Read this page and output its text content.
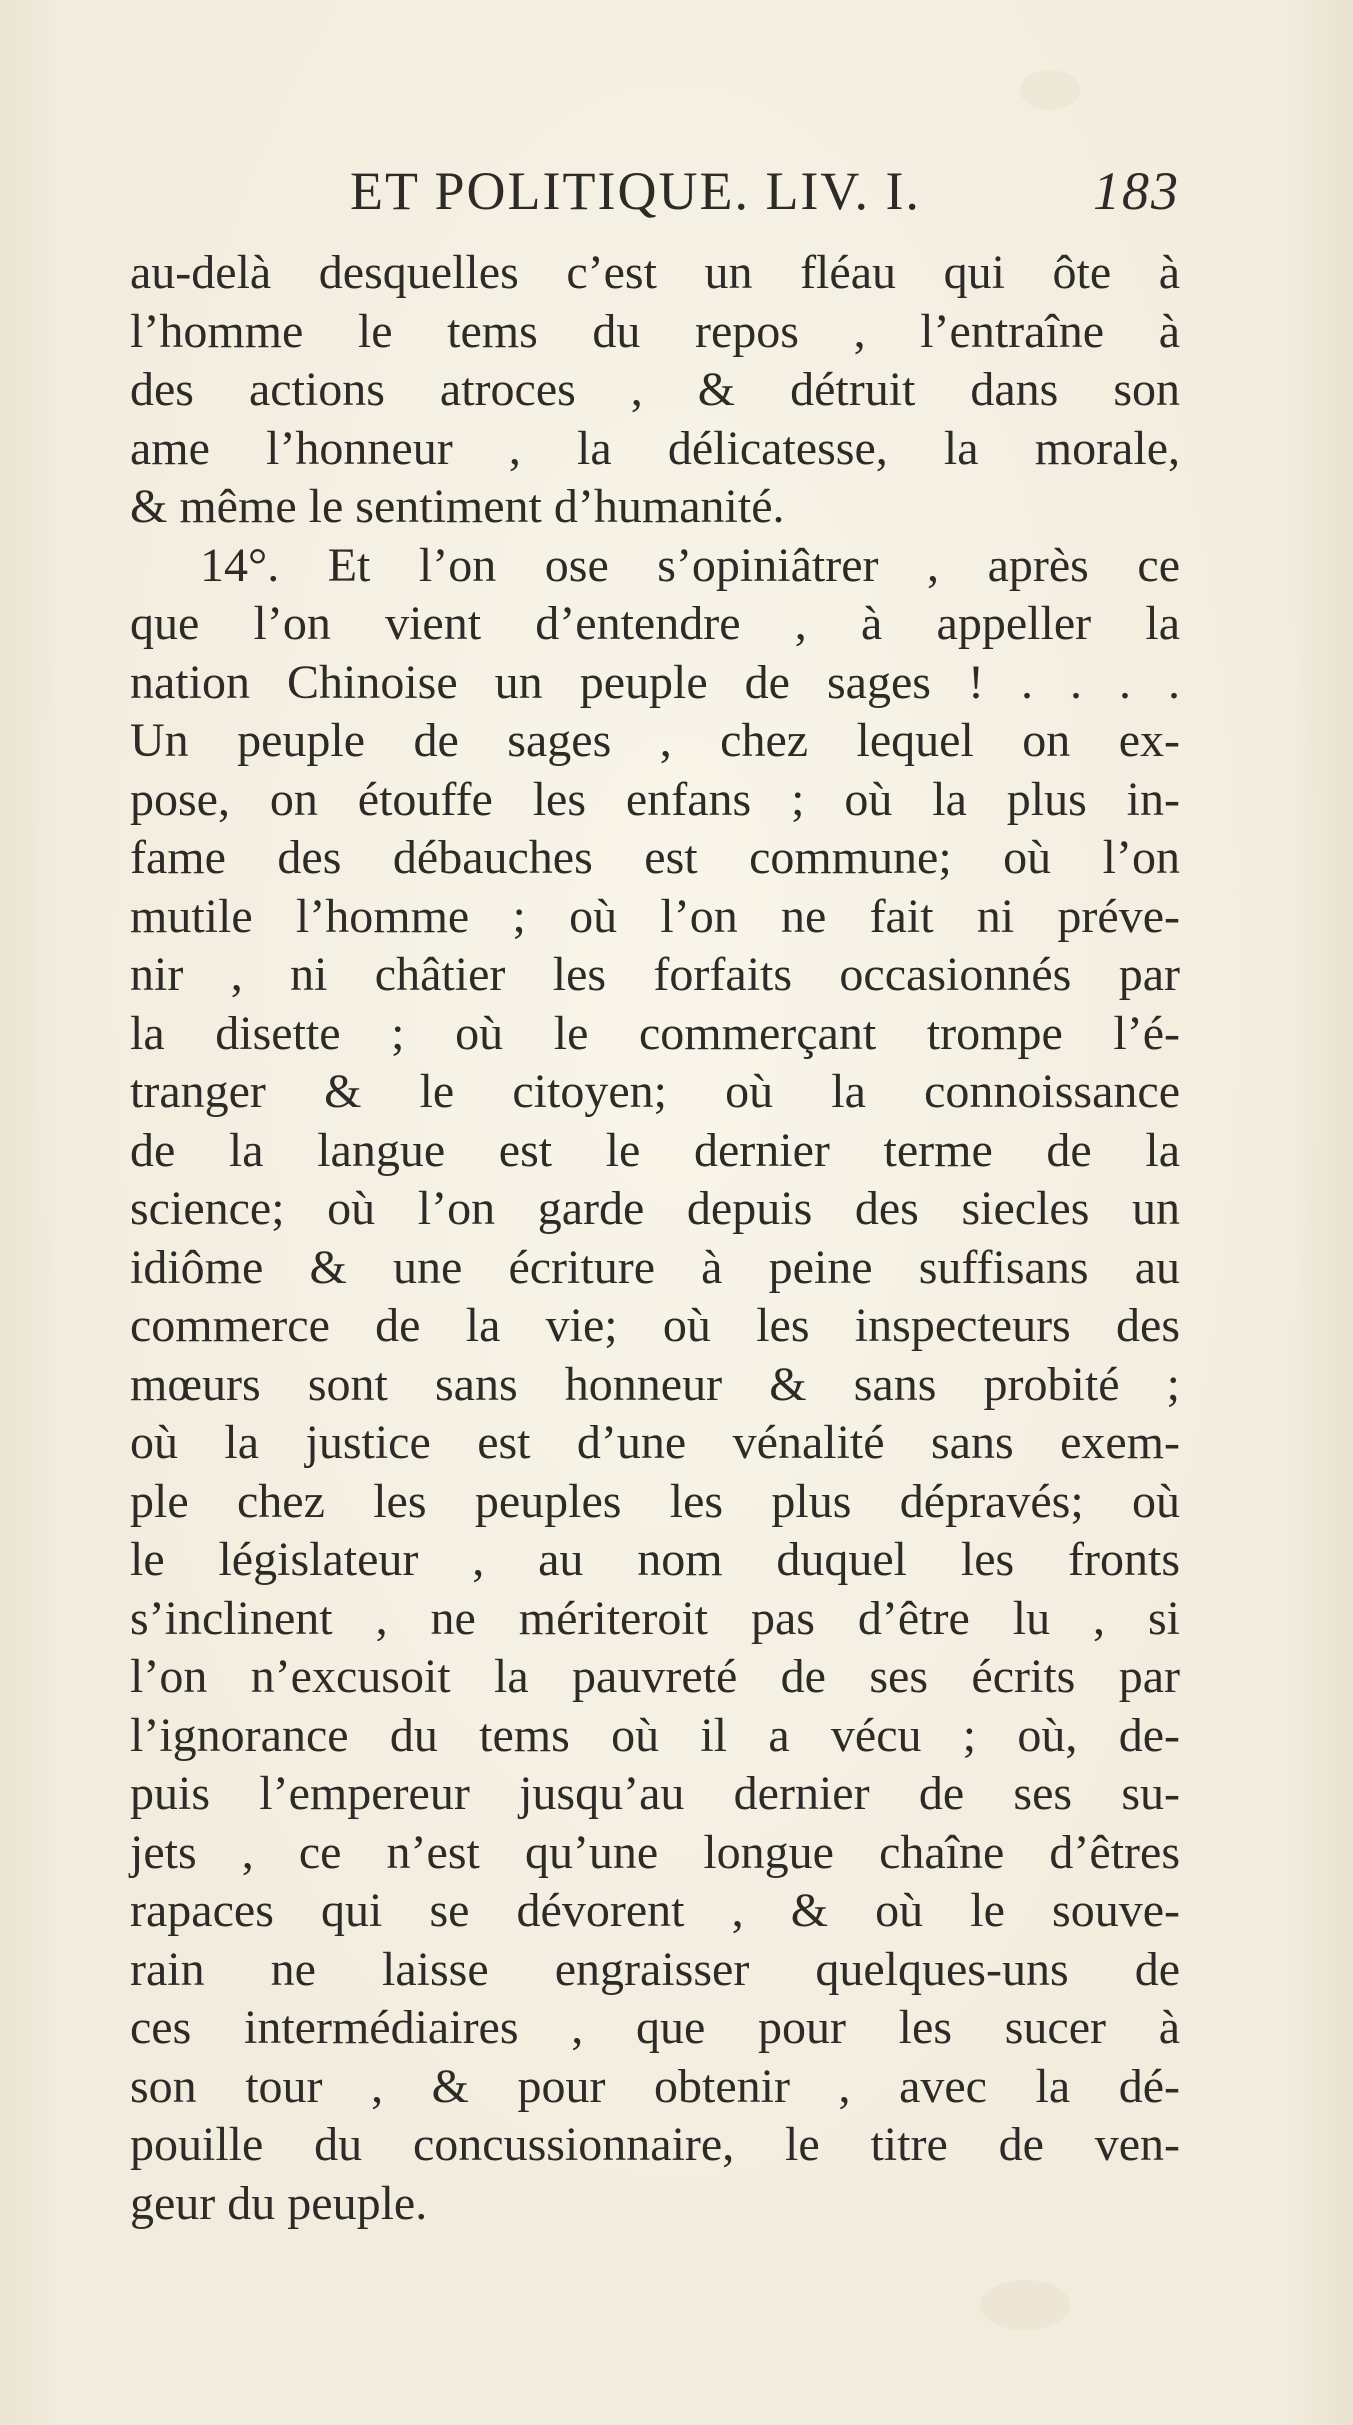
ET POLITIQUE. LIV. I.	183
au-delà desquelles c’est un fléau qui ôte à
l’homme le tems du repos , l’entraîne à
des actions atroces , & détruit dans son
ame l’honneur , la délicatesse, la morale,
& même le sentiment d’humanité.
14°. Et l’on ose s’opiniâtrer , après ce
que l’on vient d’entendre , à appeller la
nation Chinoise un peuple de sages ! . . . .
Un peuple de sages , chez lequel on ex-
pose, on étouffe les enfans ; où la plus in-
fame des débauches est commune; où l’on
mutile l’homme ; où l’on ne fait ni préve-
nir , ni châtier les forfaits occasionnés par
la disette ; où le commerçant trompe l’é-
tranger & le citoyen; où la connoissance
de la langue est le dernier terme de la
science; où l’on garde depuis des siecles un
idiôme & une écriture à peine suffisans au
commerce de la vie; où les inspecteurs des
mœurs sont sans honneur & sans probité ;
où la justice est d’une vénalité sans exem-
ple chez les peuples les plus dépravés; où
le législateur , au nom duquel les fronts
s’inclinent , ne mériteroit pas d’être lu , si
l’on n’excusoit la pauvreté de ses écrits par
l’ignorance du tems où il a vécu ; où, de-
puis l’empereur jusqu’au dernier de ses su-
jets , ce n’est qu’une longue chaîne d’êtres
rapaces qui se dévorent , & où le souve-
rain ne laisse engraisser quelques-uns de
ces intermédiaires , que pour les sucer à
son tour , & pour obtenir , avec la dé-
pouille du concussionnaire, le titre de ven-
geur du peuple.
